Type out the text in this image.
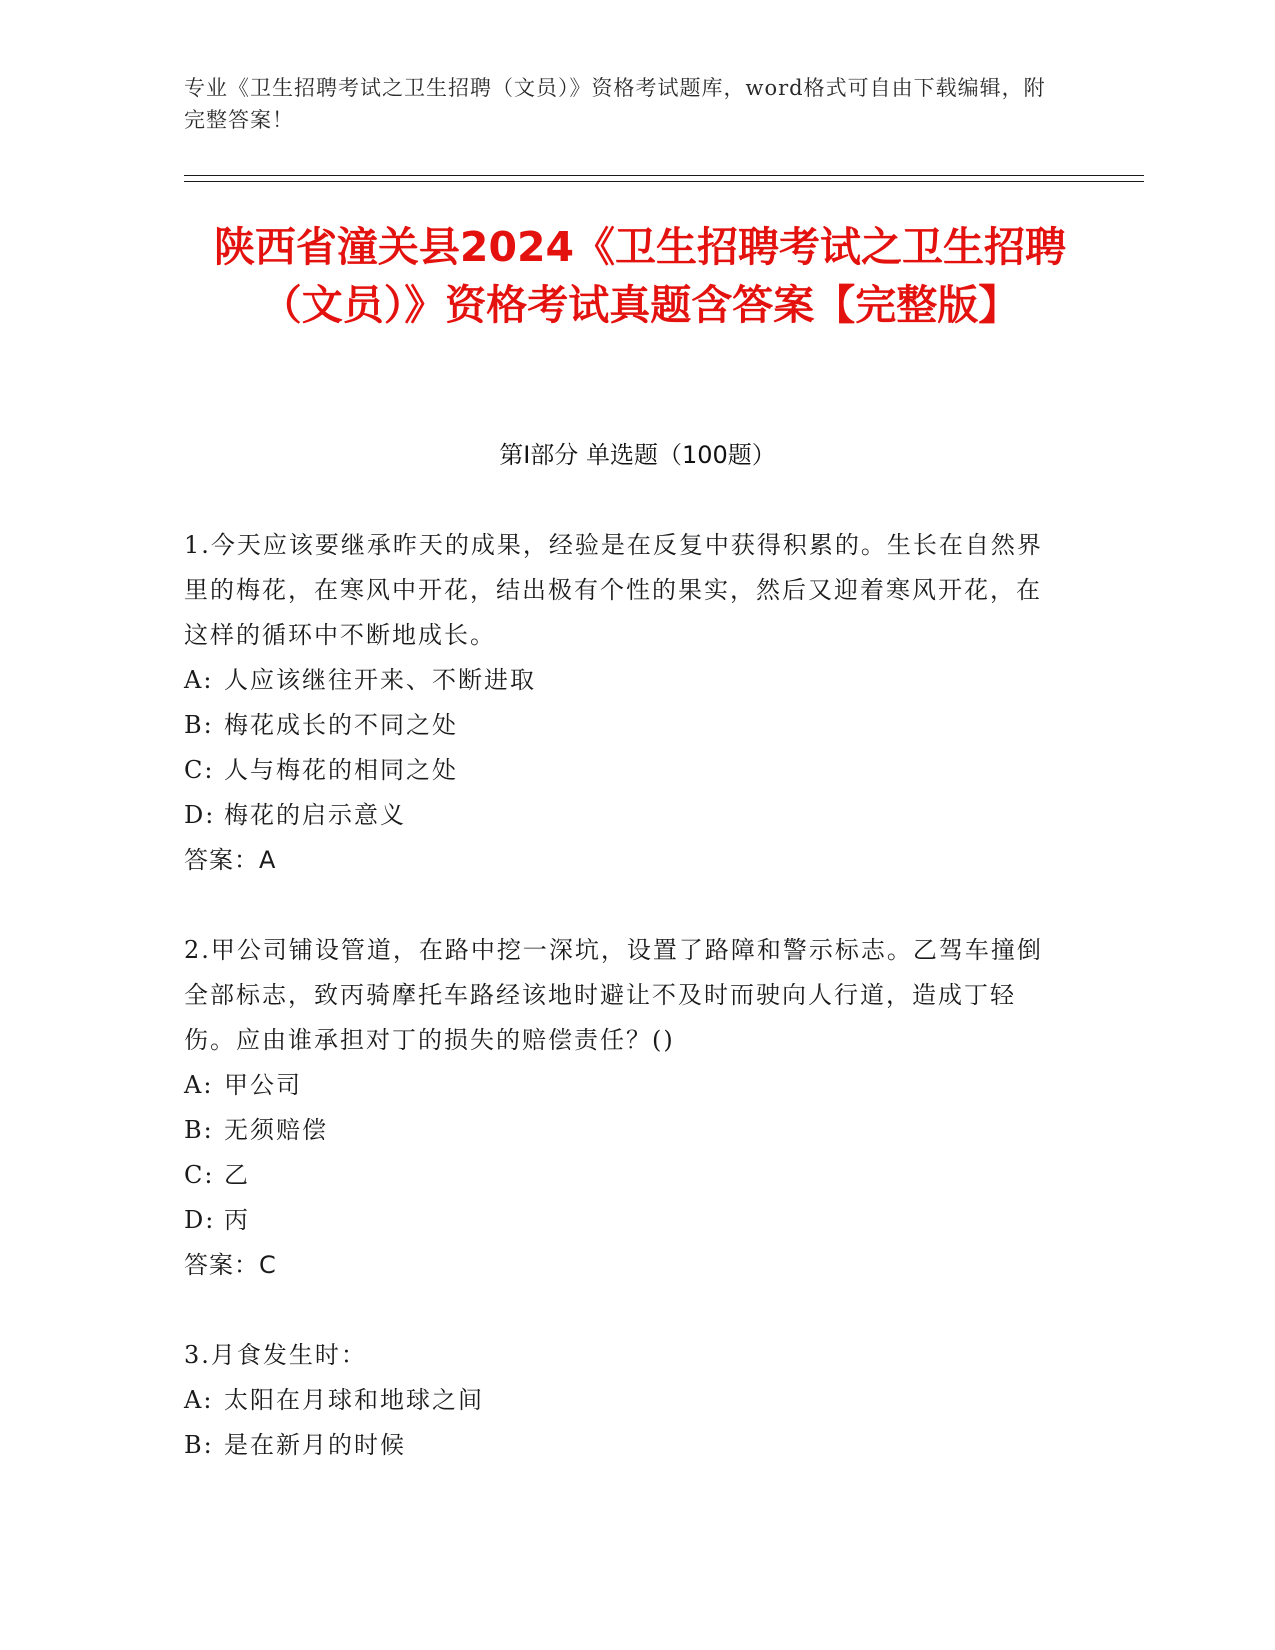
专业《卫生招聘考试之卫生招聘（文员）》资格考试题库，word格式可自由下载编辑，附完整答案！
陕西省潼关县2024《卫生招聘考试之卫生招聘（文员）》资格考试真题含答案【完整版】
第I部分 单选题（100题）
1.今天应该要继承昨天的成果，经验是在反复中获得积累的。生长在自然界里的梅花，在寒风中开花，结出极有个性的果实，然后又迎着寒风开花，在这样的循环中不断地成长。
A: 人应该继往开来、不断进取
B: 梅花成长的不同之处
C: 人与梅花的相同之处
D: 梅花的启示意义
答案：A
2.甲公司铺设管道，在路中挖一深坑，设置了路障和警示标志。乙驾车撞倒全部标志，致丙骑摩托车路经该地时避让不及时而驶向人行道，造成丁轻伤。应由谁承担对丁的损失的赔偿责任？()
A: 甲公司
B: 无须赔偿
C: 乙
D: 丙
答案：C
3.月食发生时：
A: 太阳在月球和地球之间
B: 是在新月的时候
